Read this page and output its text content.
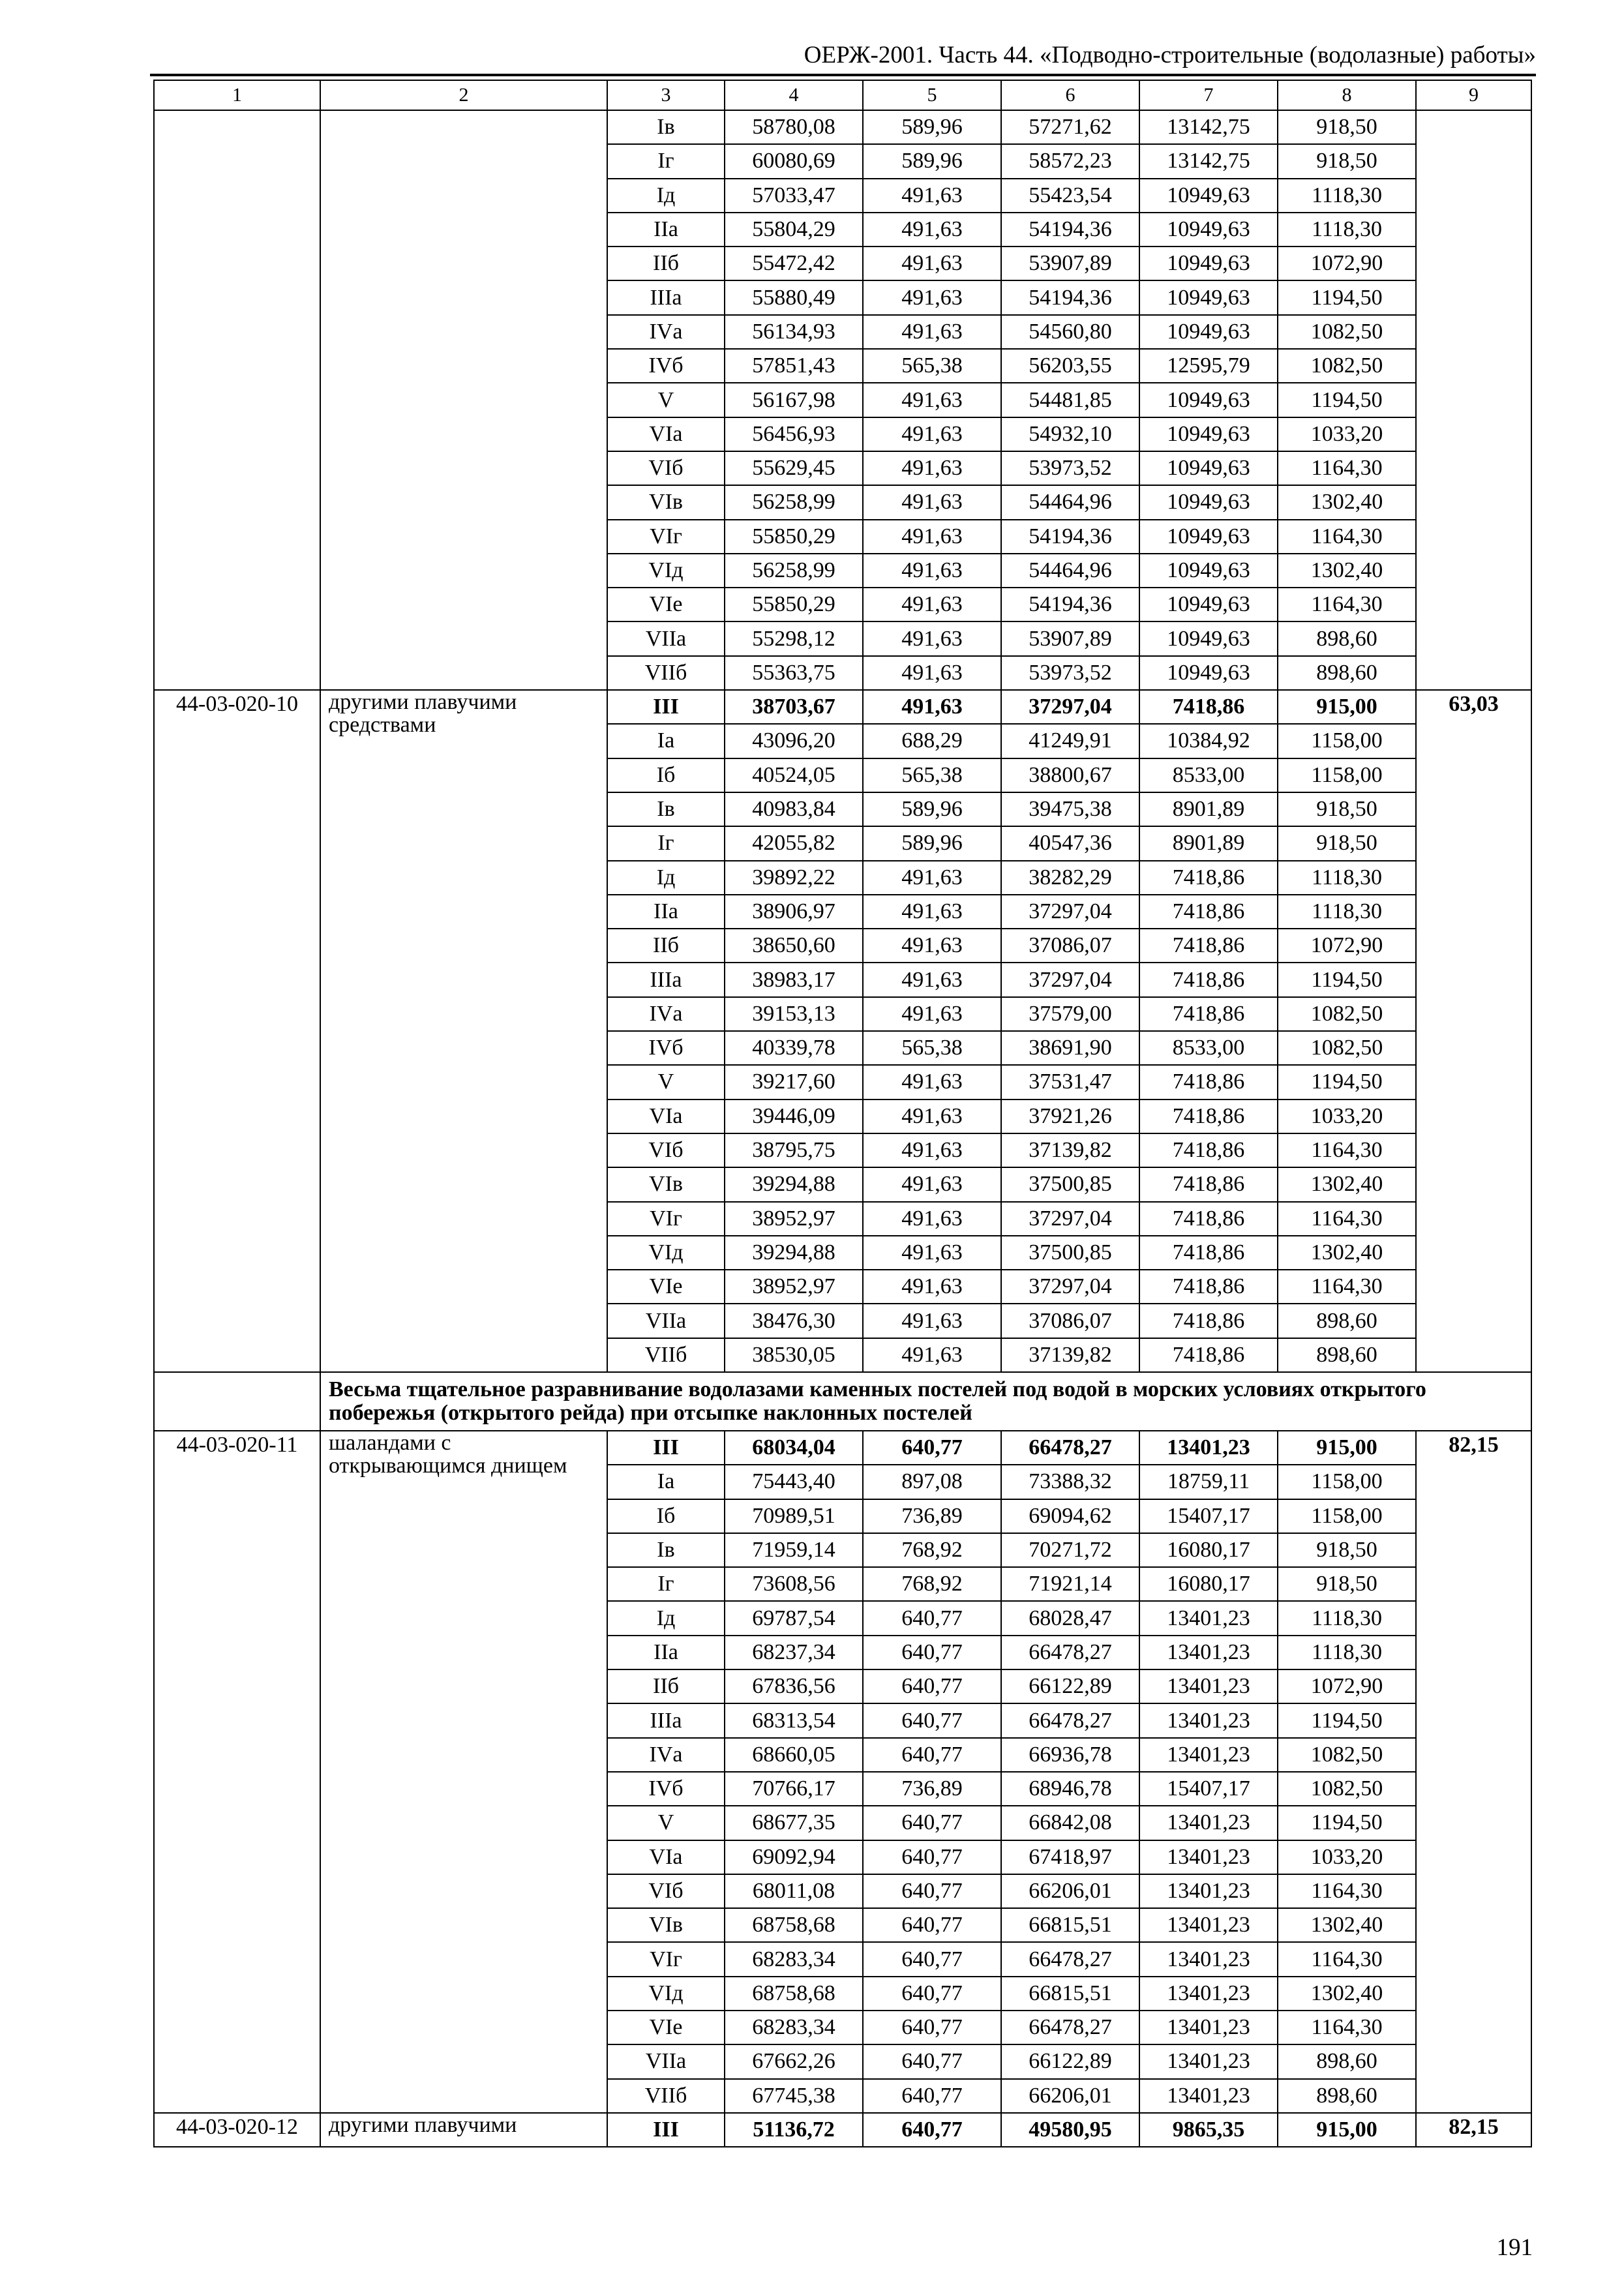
ОЕРЖ-2001. Часть 44. «Подводно-строительные (водолазные) работы»
1	2	3	4	5	6	7	8	9
		Iв	58780,08	589,96	57271,62	13142,75	918,50	
		Iг	60080,69	589,96	58572,23	13142,75	918,50	
		Iд	57033,47	491,63	55423,54	10949,63	1118,30	
		IIа	55804,29	491,63	54194,36	10949,63	1118,30	
		IIб	55472,42	491,63	53907,89	10949,63	1072,90	
		IIIа	55880,49	491,63	54194,36	10949,63	1194,50	
		IVа	56134,93	491,63	54560,80	10949,63	1082,50	
		IVб	57851,43	565,38	56203,55	12595,79	1082,50	
		V	56167,98	491,63	54481,85	10949,63	1194,50	
		VIа	56456,93	491,63	54932,10	10949,63	1033,20	
		VIб	55629,45	491,63	53973,52	10949,63	1164,30	
		VIв	56258,99	491,63	54464,96	10949,63	1302,40	
		VIг	55850,29	491,63	54194,36	10949,63	1164,30	
		VIд	56258,99	491,63	54464,96	10949,63	1302,40	
		VIе	55850,29	491,63	54194,36	10949,63	1164,30	
		VIIа	55298,12	491,63	53907,89	10949,63	898,60	
		VIIб	55363,75	491,63	53973,52	10949,63	898,60	
44-03-020-10	другими плавучими средствами	III	38703,67	491,63	37297,04	7418,86	915,00	63,03
		Iа	43096,20	688,29	41249,91	10384,92	1158,00	
		Iб	40524,05	565,38	38800,67	8533,00	1158,00	
		Iв	40983,84	589,96	39475,38	8901,89	918,50	
		Iг	42055,82	589,96	40547,36	8901,89	918,50	
		Iд	39892,22	491,63	38282,29	7418,86	1118,30	
		IIа	38906,97	491,63	37297,04	7418,86	1118,30	
		IIб	38650,60	491,63	37086,07	7418,86	1072,90	
		IIIа	38983,17	491,63	37297,04	7418,86	1194,50	
		IVа	39153,13	491,63	37579,00	7418,86	1082,50	
		IVб	40339,78	565,38	38691,90	8533,00	1082,50	
		V	39217,60	491,63	37531,47	7418,86	1194,50	
		VIа	39446,09	491,63	37921,26	7418,86	1033,20	
		VIб	38795,75	491,63	37139,82	7418,86	1164,30	
		VIв	39294,88	491,63	37500,85	7418,86	1302,40	
		VIг	38952,97	491,63	37297,04	7418,86	1164,30	
		VIд	39294,88	491,63	37500,85	7418,86	1302,40	
		VIе	38952,97	491,63	37297,04	7418,86	1164,30	
		VIIа	38476,30	491,63	37086,07	7418,86	898,60	
		VIIб	38530,05	491,63	37139,82	7418,86	898,60	
	Весьма тщательное разравнивание водолазами каменных постелей под водой в морских условиях открытого побережья (открытого рейда) при отсыпке наклонных постелей							
44-03-020-11	шаландами с открывающимся днищем	III	68034,04	640,77	66478,27	13401,23	915,00	82,15
		Iа	75443,40	897,08	73388,32	18759,11	1158,00	
		Iб	70989,51	736,89	69094,62	15407,17	1158,00	
		Iв	71959,14	768,92	70271,72	16080,17	918,50	
		Iг	73608,56	768,92	71921,14	16080,17	918,50	
		Iд	69787,54	640,77	68028,47	13401,23	1118,30	
		IIа	68237,34	640,77	66478,27	13401,23	1118,30	
		IIб	67836,56	640,77	66122,89	13401,23	1072,90	
		IIIа	68313,54	640,77	66478,27	13401,23	1194,50	
		IVа	68660,05	640,77	66936,78	13401,23	1082,50	
		IVб	70766,17	736,89	68946,78	15407,17	1082,50	
		V	68677,35	640,77	66842,08	13401,23	1194,50	
		VIа	69092,94	640,77	67418,97	13401,23	1033,20	
		VIб	68011,08	640,77	66206,01	13401,23	1164,30	
		VIв	68758,68	640,77	66815,51	13401,23	1302,40	
		VIг	68283,34	640,77	66478,27	13401,23	1164,30	
		VIд	68758,68	640,77	66815,51	13401,23	1302,40	
		VIе	68283,34	640,77	66478,27	13401,23	1164,30	
		VIIа	67662,26	640,77	66122,89	13401,23	898,60	
		VIIб	67745,38	640,77	66206,01	13401,23	898,60	
44-03-020-12	другими плавучими	III	51136,72	640,77	49580,95	9865,35	915,00	82,15
191
